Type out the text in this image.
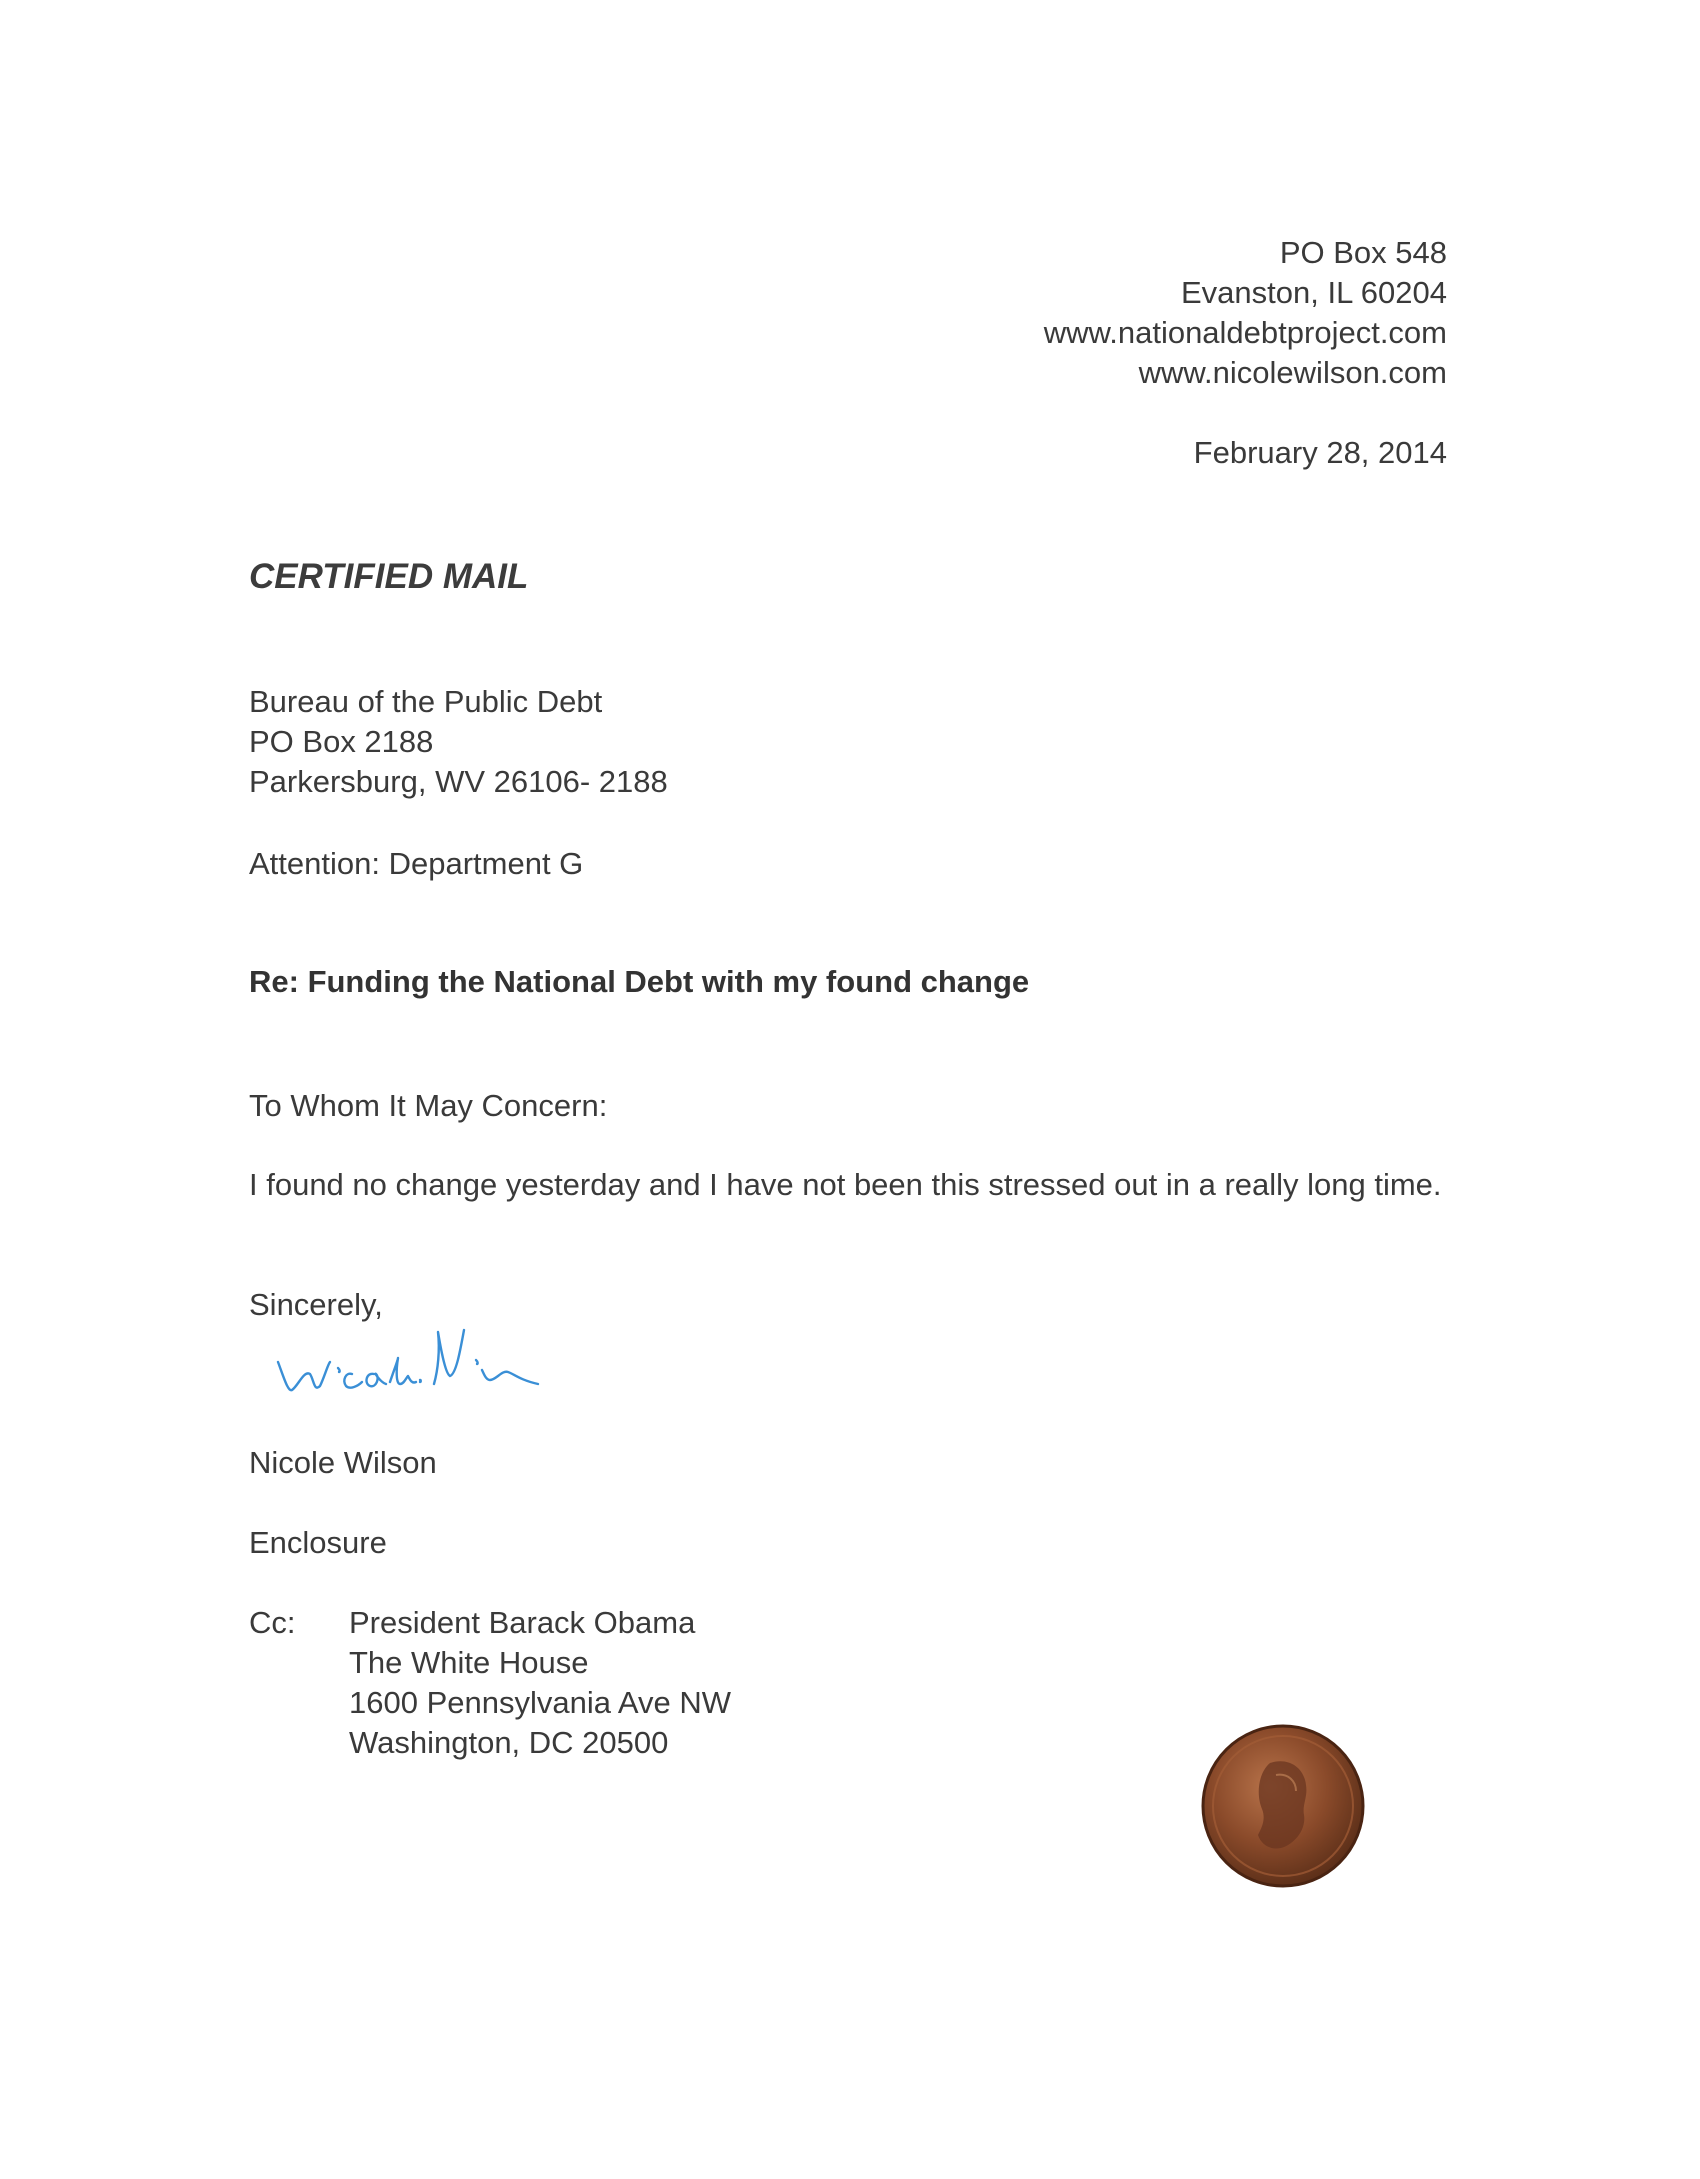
PO Box 548
Evanston, IL 60204
www.nationaldebtproject.com
www.nicolewilson.com
February 28, 2014
CERTIFIED MAIL
Bureau of the Public Debt
PO Box 2188
Parkersburg, WV 26106- 2188
Attention: Department G
Re: Funding the National Debt with my found change
To Whom It May Concern:
I found no change yesterday and I have not been this stressed out in a really long time.
Sincerely,
Nicole Wilson
Enclosure
Cc: President Barack Obama
The White House
1600 Pennsylvania Ave NW
Washington, DC 20500
